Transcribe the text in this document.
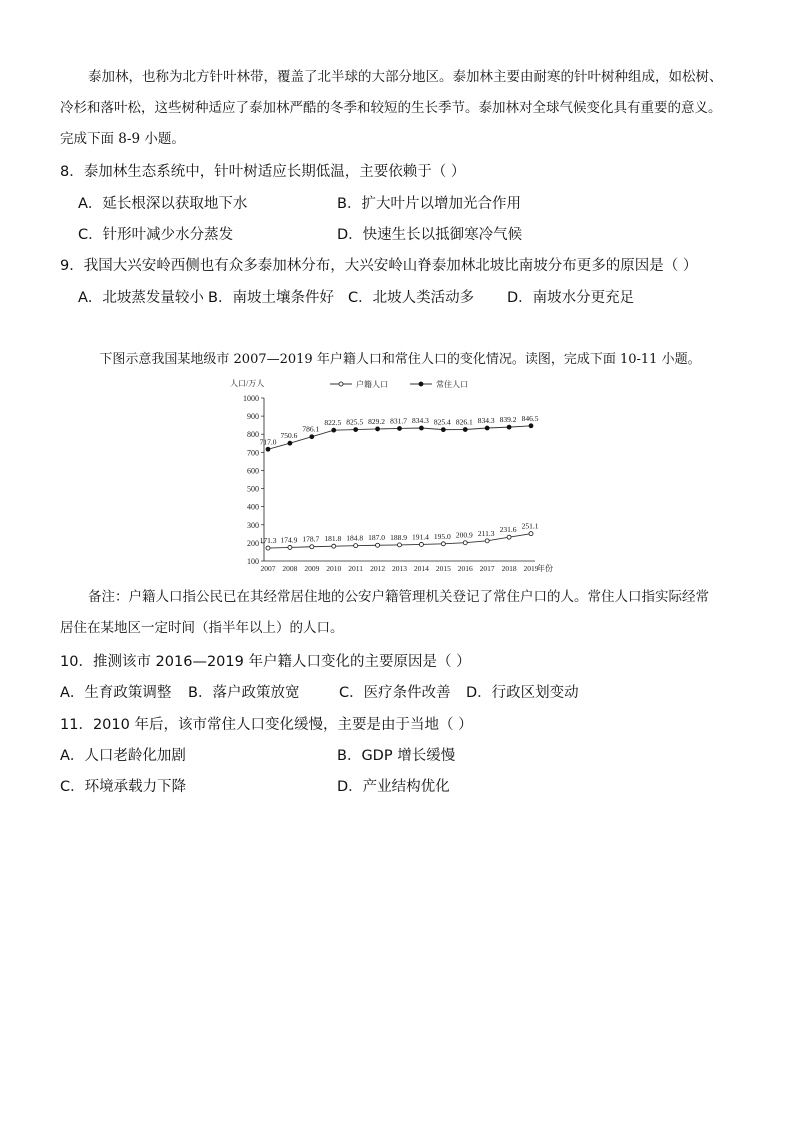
泰加林，也称为北方针叶林带，覆盖了北半球的大部分地区。泰加林主要由耐寒的针叶树种组成，如松树、
冷杉和落叶松，这些树种适应了泰加林严酷的冬季和较短的生长季节。泰加林对全球气候变化具有重要的意义。
完成下面 8-9 小题。
8．泰加林生态系统中，针叶树适应长期低温，主要依赖于（ ）
A．延长根深以获取地下水	B．扩大叶片以增加光合作用
C．针形叶减少水分蒸发	D．快速生长以抵御寒冷气候
9．我国大兴安岭西侧也有众多泰加林分布，大兴安岭山脊泰加林北坡比南坡分布更多的原因是（ ）
A．北坡蒸发量较小 B．南坡土壤条件好 C．北坡人类活动多 D．南坡水分更充足
下图示意我国某地级市 2007—2019 年户籍人口和常住人口的变化情况。读图，完成下面 10-11 小题。
100
200
300
400
500
600
700
800
900
1000
2007 2008 2009 2010 2011 2012 2013 2014 2015 2016 2017 2018 2019
171.3 174.9 178.7 181.8 184.8 187.0 188.9 191.4 195.0 200.9 211.3 231.6 251.1
717.0
750.6
786.1
822.5 825.5 829.2 831.7 834.3 825.4 826.1 834.3 839.2 846.5
户籍人口	常住人口
人口/万人
年份
备注：户籍人口指公民已在其经常居住地的公安户籍管理机关登记了常住户口的人。常住人口指实际经常
居住在某地区一定时间（指半年以上）的人口。
10．推测该市 2016—2019 年户籍人口变化的主要原因是（ ）
A．生育政策调整 B．落户政策放宽	C．医疗条件改善 D．行政区划变动
11．2010 年后，该市常住人口变化缓慢，主要是由于当地（ ）
A．人口老龄化加剧	B．GDP 增长缓慢
C．环境承载力下降	D．产业结构优化
